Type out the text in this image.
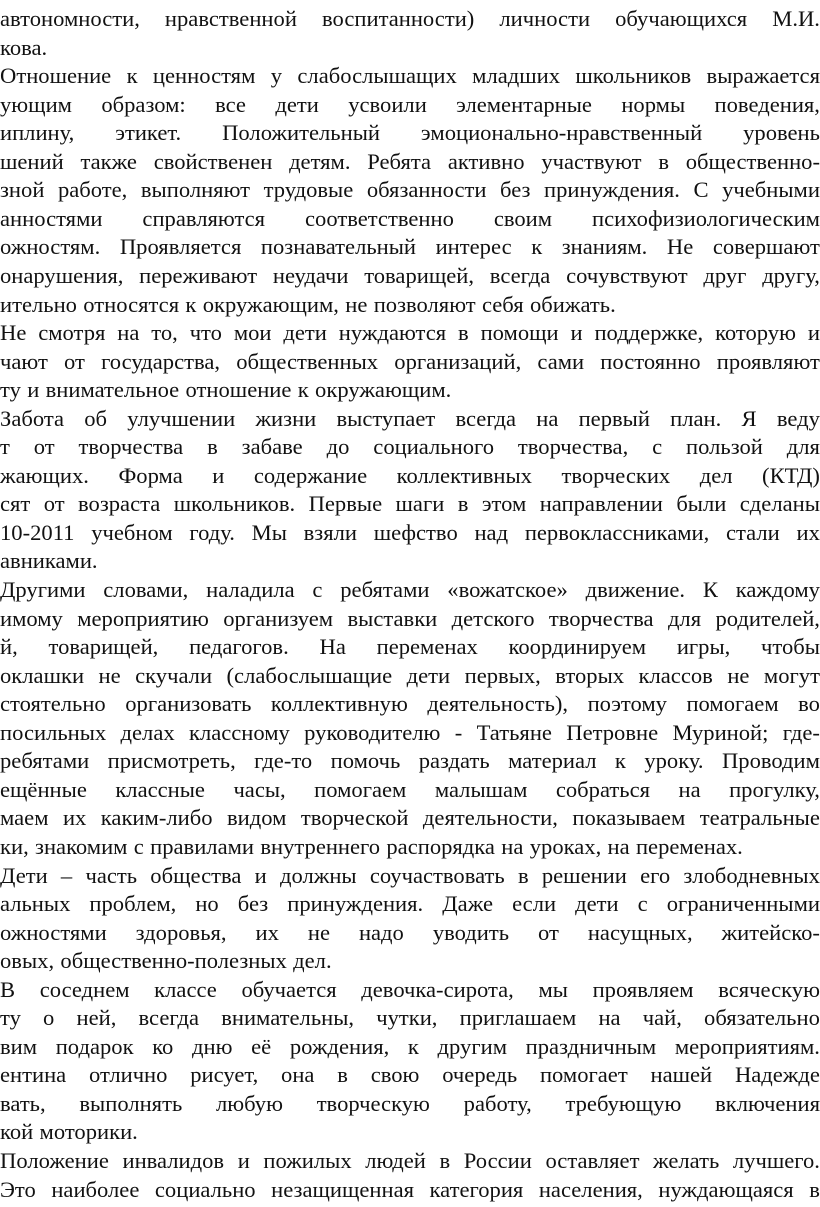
автономности, нравственной воспитанности) личности обучающихся М.И.
кова.
Отношение к ценностям у слабослышащих младших школьников выражается
ующим образом: все дети усвоили элементарные нормы поведения,
иплину, этикет. Положительный эмоционально-нравственный уровень
шений также свойственен детям. Ребята активно участвуют в общественно-
зной работе, выполняют трудовые обязанности без принуждения. С учебными
анностями справляются соответственно своим психофизиологическим
ожностям. Проявляется познавательный интерес к знаниям. Не совершают
онарушения, переживают неудачи товарищей, всегда сочувствуют друг другу,
ительно относятся к окружающим, не позволяют себя обижать.
Не смотря на то, что мои дети нуждаются в помощи и поддержке, которую и
чают от государства, общественных организаций, сами постоянно проявляют
ту и внимательное отношение к окружающим.
Забота об улучшении жизни выступает всегда на первый план. Я веду
т от творчества в забаве до социального творчества, с пользой для
жающих. Форма и содержание коллективных творческих дел (КТД)
сят от возраста школьников. Первые шаги в этом направлении были сделаны
10-2011 учебном году. Мы взяли шефство над первоклассниками, стали их
авниками.
Другими словами, наладила с ребятами «вожатское» движение. К каждому
имому мероприятию организуем выставки детского творчества для родителей,
й, товарищей, педагогов. На переменах координируем игры, чтобы
оклашки не скучали (слабослышащие дети первых, вторых классов не могут
стоятельно организовать коллективную деятельность), поэтому помогаем во
посильных делах классному руководителю - Татьяне Петровне Муриной; где-
ребятами присмотреть, где-то помочь раздать материал к уроку. Проводим
ещённые классные часы, помогаем малышам собраться на прогулку,
маем их каким-либо видом творческой деятельности, показываем театральные
ки, знакомим с правилами внутреннего распорядка на уроках, на переменах.
Дети – часть общества и должны соучаствовать в решении его злободневных
альных проблем, но без принуждения. Даже если дети с ограниченными
ожностями здоровья, их не надо уводить от насущных, житейско-
овых, общественно-полезных дел.
В соседнем классе обучается девочка-сирота, мы проявляем всяческую
ту о ней, всегда внимательны, чутки, приглашаем на чай, обязательно
вим подарок ко дню её рождения, к другим праздничным мероприятиям.
ентина отлично рисует, она в свою очередь помогает нашей Надежде
вать, выполнять любую творческую работу, требующую включения
кой моторики.
Положение инвалидов и пожилых людей в России оставляет желать лучшего.
Это наиболее социально незащищенная категория населения, нуждающаяся в
